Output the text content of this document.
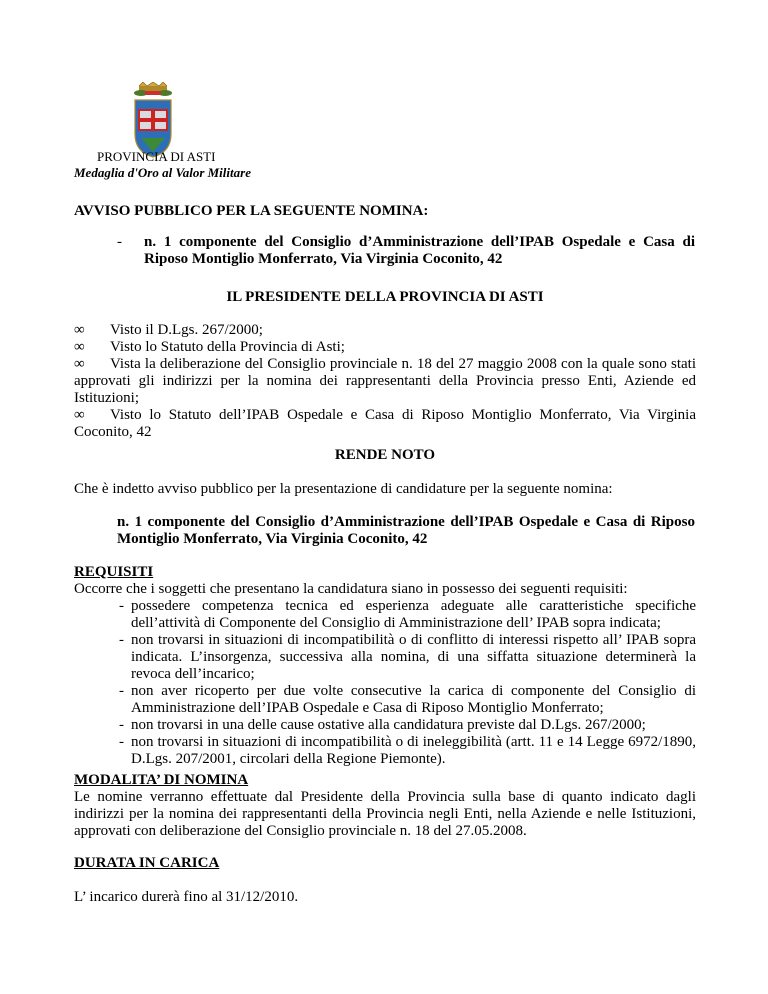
PROVINCIA DI ASTI
Medaglia d'Oro al Valor Militare
AVVISO PUBBLICO PER LA SEGUENTE NOMINA:
-	n. 1 componente del Consiglio d’Amministrazione dell’IPAB Ospedale e Casa di Riposo Montiglio Monferrato, Via Virginia Coconito, 42
IL PRESIDENTE DELLA PROVINCIA DI ASTI
∞	Visto il D.Lgs. 267/2000;
∞	Visto lo Statuto della Provincia di Asti;
∞ Vista la deliberazione del Consiglio provinciale n. 18 del 27 maggio 2008 con la quale sono stati approvati gli indirizzi per la nomina dei rappresentanti della Provincia presso Enti, Aziende ed Istituzioni;
∞ Visto lo Statuto dell’IPAB Ospedale e Casa di Riposo Montiglio Monferrato, Via Virginia Coconito, 42
RENDE NOTO
Che è indetto avviso pubblico per la presentazione di candidature per la seguente nomina:
n. 1 componente del Consiglio d’Amministrazione dell’IPAB Ospedale e Casa di Riposo Montiglio Monferrato, Via Virginia Coconito, 42
REQUISITI
Occorre che i soggetti che presentano la candidatura siano in possesso dei seguenti requisiti:
- possedere competenza tecnica ed esperienza adeguate alle caratteristiche specifiche dell’attività di Componente del Consiglio di Amministrazione dell’ IPAB sopra indicata;
- non trovarsi in situazioni di incompatibilità o di conflitto di interessi rispetto all’ IPAB sopra indicata. L’insorgenza, successiva alla nomina, di una siffatta situazione determinerà la revoca dell’incarico;
- non aver ricoperto per due volte consecutive la carica di componente del Consiglio di Amministrazione dell’IPAB Ospedale e Casa di Riposo Montiglio Monferrato;
- non trovarsi in una delle cause ostative alla candidatura previste dal D.Lgs. 267/2000;
- non trovarsi in situazioni di incompatibilità o di ineleggibilità (artt. 11 e 14 Legge 6972/1890, D.Lgs. 207/2001, circolari della Regione Piemonte).
MODALITA’ DI NOMINA
Le nomine verranno effettuate dal Presidente della Provincia sulla base di quanto indicato dagli indirizzi per la nomina dei rappresentanti della Provincia negli Enti, nella Aziende e nelle Istituzioni, approvati con deliberazione del Consiglio provinciale n. 18 del 27.05.2008.
DURATA IN CARICA
L’ incarico durerà fino al 31/12/2010.
